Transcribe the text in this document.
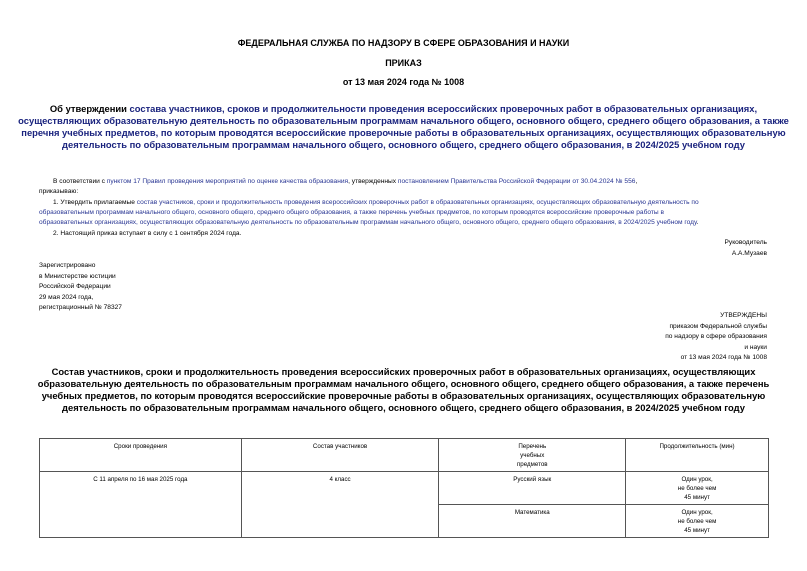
ФЕДЕРАЛЬНАЯ СЛУЖБА ПО НАДЗОРУ В СФЕРЕ ОБРАЗОВАНИЯ И НАУКИ
ПРИКАЗ
от 13 мая 2024 года № 1008
Об утверждении состава участников, сроков и продолжительности проведения всероссийских проверочных работ в образовательных организациях,
осуществляющих образовательную деятельность по образовательным программам начального общего, основного общего, среднего общего образования, а также
перечня учебных предметов, по которым проводятся всероссийские проверочные работы в образовательных организациях, осуществляющих образовательную
деятельность по образовательным программам начального общего, основного общего, среднего общего образования, в 2024/2025 учебном году
В соответствии с пунктом 17 Правил проведения мероприятий по оценке качества образования, утвержденных постановлением Правительства Российской Федерации от 30.04.2024 № 556,
приказываю:
1. Утвердить прилагаемые состав участников, сроки и продолжительность проведения всероссийских проверочных работ в образовательных организациях, осуществляющих образовательную деятельность по
образовательным программам начального общего, основного общего, среднего общего образования, а также перечень учебных предметов, по которым проводятся всероссийские проверочные работы в
образовательных организациях, осуществляющих образовательную деятельность по образовательным программам начального общего, основного общего, среднего общего образования, в 2024/2025 учебном году.
2. Настоящий приказ вступает в силу с 1 сентября 2024 года.
Руководитель
А.А.Музаев
Зарегистрировано
в Министерстве юстиции
Российской Федерации
29 мая 2024 года,
регистрационный № 78327
УТВЕРЖДЕНЫ
приказом Федеральной службы
по надзору в сфере образования
и науки
от 13 мая 2024 года № 1008
Состав участников, сроки и продолжительность проведения всероссийских проверочных работ в образовательных организациях, осуществляющих
образовательную деятельность по образовательным программам начального общего, основного общего, среднего общего образования, а также перечень
учебных предметов, по которым проводятся всероссийские проверочные работы в образовательных организациях, осуществляющих образовательную
деятельность по образовательным программам начального общего, основного общего, среднего общего образования, в 2024/2025 учебном году
Сроки проведения	Состав участников	Перечень
учебных
предметов	Продолжительность (мин)
С 11 апреля по 16 мая 2025 года	4 класс	Русский язык	Один урок,
не более чем
45 минут

		Математика	Один урок,
не более чем
45 минут
